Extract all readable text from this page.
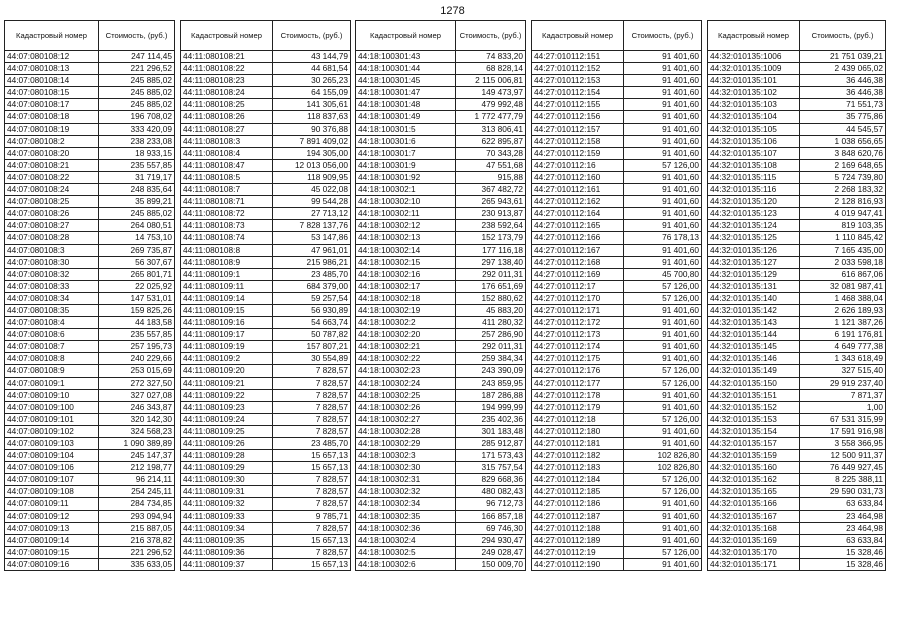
1278
Кадастровый номер	Стоимость, (руб.)
44:07:080108:12	247 114,45
44:07:080108:13	221 296,52
44:07:080108:14	245 885,02
44:07:080108:15	245 885,02
44:07:080108:17	245 885,02
44:07:080108:18	196 708,02
44:07:080108:19	333 420,09
44:07:080108:2	238 233,08
44:07:080108:20	18 933,15
44:07:080108:21	235 557,85
44:07:080108:22	31 719,17
44:07:080108:24	248 835,64
44:07:080108:25	35 899,21
44:07:080108:26	245 885,02
44:07:080108:27	264 080,51
44:07:080108:28	14 753,10
44:07:080108:3	269 735,87
44:07:080108:30	56 307,67
44:07:080108:32	265 801,71
44:07:080108:33	22 025,92
44:07:080108:34	147 531,01
44:07:080108:35	159 825,26
44:07:080108:4	44 183,58
44:07:080108:6	235 557,85
44:07:080108:7	257 195,73
44:07:080108:8	240 229,66
44:07:080108:9	253 015,69
44:07:080109:1	272 327,50
44:07:080109:10	327 027,08
44:07:080109:100	246 343,87
44:07:080109:101	320 142,30
44:07:080109:102	324 568,23
44:07:080109:103	1 090 389,89
44:07:080109:104	245 147,37
44:07:080109:106	212 198,77
44:07:080109:107	96 214,11
44:07:080109:108	254 245,11
44:07:080109:11	284 734,85
44:07:080109:12	293 094,94
44:07:080109:13	215 887,05
44:07:080109:14	216 378,82
44:07:080109:15	221 296,52
44:07:080109:16	335 633,05
Кадастровый номер	Стоимость, (руб.)
44:11:080108:21	43 144,79
44:11:080108:22	44 681,54
44:11:080108:23	30 265,23
44:11:080108:24	64 155,09
44:11:080108:25	141 305,61
44:11:080108:26	118 837,63
44:11:080108:27	90 376,88
44:11:080108:3	7 891 409,02
44:11:080108:4	194 305,00
44:11:080108:47	12 013 056,00
44:11:080108:5	118 909,95
44:11:080108:7	45 022,08
44:11:080108:71	99 544,28
44:11:080108:72	27 713,12
44:11:080108:73	7 828 137,76
44:11:080108:74	53 147,86
44:11:080108:8	47 961,01
44:11:080108:9	215 986,21
44:11:080109:1	23 485,70
44:11:080109:11	684 379,00
44:11:080109:14	59 257,54
44:11:080109:15	56 930,89
44:11:080109:16	54 663,74
44:11:080109:17	50 787,82
44:11:080109:19	157 807,21
44:11:080109:2	30 554,89
44:11:080109:20	7 828,57
44:11:080109:21	7 828,57
44:11:080109:22	7 828,57
44:11:080109:23	7 828,57
44:11:080109:24	7 828,57
44:11:080109:25	7 828,57
44:11:080109:26	23 485,70
44:11:080109:28	15 657,13
44:11:080109:29	15 657,13
44:11:080109:30	7 828,57
44:11:080109:31	7 828,57
44:11:080109:32	7 828,57
44:11:080109:33	9 785,71
44:11:080109:34	7 828,57
44:11:080109:35	15 657,13
44:11:080109:36	7 828,57
44:11:080109:37	15 657,13
Кадастровый номер	Стоимость, (руб.)
44:18:100301:43	74 833,20
44:18:100301:44	68 828,14
44:18:100301:45	2 115 006,81
44:18:100301:47	149 473,97
44:18:100301:48	479 992,48
44:18:100301:49	1 772 477,79
44:18:100301:5	313 806,41
44:18:100301:6	622 895,87
44:18:100301:7	70 343,28
44:18:100301:9	47 551,68
44:18:100301:92	915,88
44:18:100302:1	367 482,72
44:18:100302:10	265 943,61
44:18:100302:11	230 913,87
44:18:100302:12	238 592,64
44:18:100302:13	152 173,79
44:18:100302:14	177 116,18
44:18:100302:15	297 138,40
44:18:100302:16	292 011,31
44:18:100302:17	176 651,69
44:18:100302:18	152 880,62
44:18:100302:19	45 883,20
44:18:100302:2	411 280,32
44:18:100302:20	257 286,90
44:18:100302:21	292 011,31
44:18:100302:22	259 384,34
44:18:100302:23	243 390,09
44:18:100302:24	243 859,95
44:18:100302:25	187 286,88
44:18:100302:26	194 999,99
44:18:100302:27	235 402,36
44:18:100302:28	301 183,48
44:18:100302:29	285 912,87
44:18:100302:3	171 573,43
44:18:100302:30	315 757,54
44:18:100302:31	829 668,36
44:18:100302:32	480 082,43
44:18:100302:34	96 712,73
44:18:100302:35	166 857,18
44:18:100302:36	69 746,30
44:18:100302:4	294 930,47
44:18:100302:5	249 028,47
44:18:100302:6	150 009,70
Кадастровый номер	Стоимость, (руб.)
44:27:010112:151	91 401,60
44:27:010112:152	91 401,60
44:27:010112:153	91 401,60
44:27:010112:154	91 401,60
44:27:010112:155	91 401,60
44:27:010112:156	91 401,60
44:27:010112:157	91 401,60
44:27:010112:158	91 401,60
44:27:010112:159	91 401,60
44:27:010112:16	57 126,00
44:27:010112:160	91 401,60
44:27:010112:161	91 401,60
44:27:010112:162	91 401,60
44:27:010112:164	91 401,60
44:27:010112:165	91 401,60
44:27:010112:166	76 178,13
44:27:010112:167	91 401,60
44:27:010112:168	91 401,60
44:27:010112:169	45 700,80
44:27:010112:17	57 126,00
44:27:010112:170	57 126,00
44:27:010112:171	91 401,60
44:27:010112:172	91 401,60
44:27:010112:173	91 401,60
44:27:010112:174	91 401,60
44:27:010112:175	91 401,60
44:27:010112:176	57 126,00
44:27:010112:177	57 126,00
44:27:010112:178	91 401,60
44:27:010112:179	91 401,60
44:27:010112:18	57 126,00
44:27:010112:180	91 401,60
44:27:010112:181	91 401,60
44:27:010112:182	102 826,80
44:27:010112:183	102 826,80
44:27:010112:184	57 126,00
44:27:010112:185	57 126,00
44:27:010112:186	91 401,60
44:27:010112:187	91 401,60
44:27:010112:188	91 401,60
44:27:010112:189	91 401,60
44:27:010112:19	57 126,00
44:27:010112:190	91 401,60
Кадастровый номер	Стоимость, (руб.)
44:32:010135:1006	21 751 039,21
44:32:010135:1009	2 439 065,02
44:32:010135:101	36 446,38
44:32:010135:102	36 446,38
44:32:010135:103	71 551,73
44:32:010135:104	35 775,86
44:32:010135:105	44 545,57
44:32:010135:106	1 038 656,65
44:32:010135:107	3 848 620,76
44:32:010135:108	2 169 648,65
44:32:010135:115	5 724 739,80
44:32:010135:116	2 268 183,32
44:32:010135:120	2 128 816,93
44:32:010135:123	4 019 947,41
44:32:010135:124	819 103,35
44:32:010135:125	1 110 845,42
44:32:010135:126	7 165 435,00
44:32:010135:127	2 033 598,18
44:32:010135:129	616 867,06
44:32:010135:131	32 081 987,41
44:32:010135:140	1 468 388,04
44:32:010135:142	2 626 189,93
44:32:010135:143	1 121 387,26
44:32:010135:144	6 191 176,81
44:32:010135:145	4 649 777,38
44:32:010135:146	1 343 618,49
44:32:010135:149	327 515,40
44:32:010135:150	29 919 237,40
44:32:010135:151	7 871,37
44:32:010135:152	1,00
44:32:010135:153	67 531 315,99
44:32:010135:154	17 591 916,98
44:32:010135:157	3 558 366,95
44:32:010135:159	12 500 911,37
44:32:010135:160	76 449 927,45
44:32:010135:162	8 225 388,11
44:32:010135:165	29 590 031,73
44:32:010135:166	63 633,84
44:32:010135:167	23 464,98
44:32:010135:168	23 464,98
44:32:010135:169	63 633,84
44:32:010135:170	15 328,46
44:32:010135:171	15 328,46
